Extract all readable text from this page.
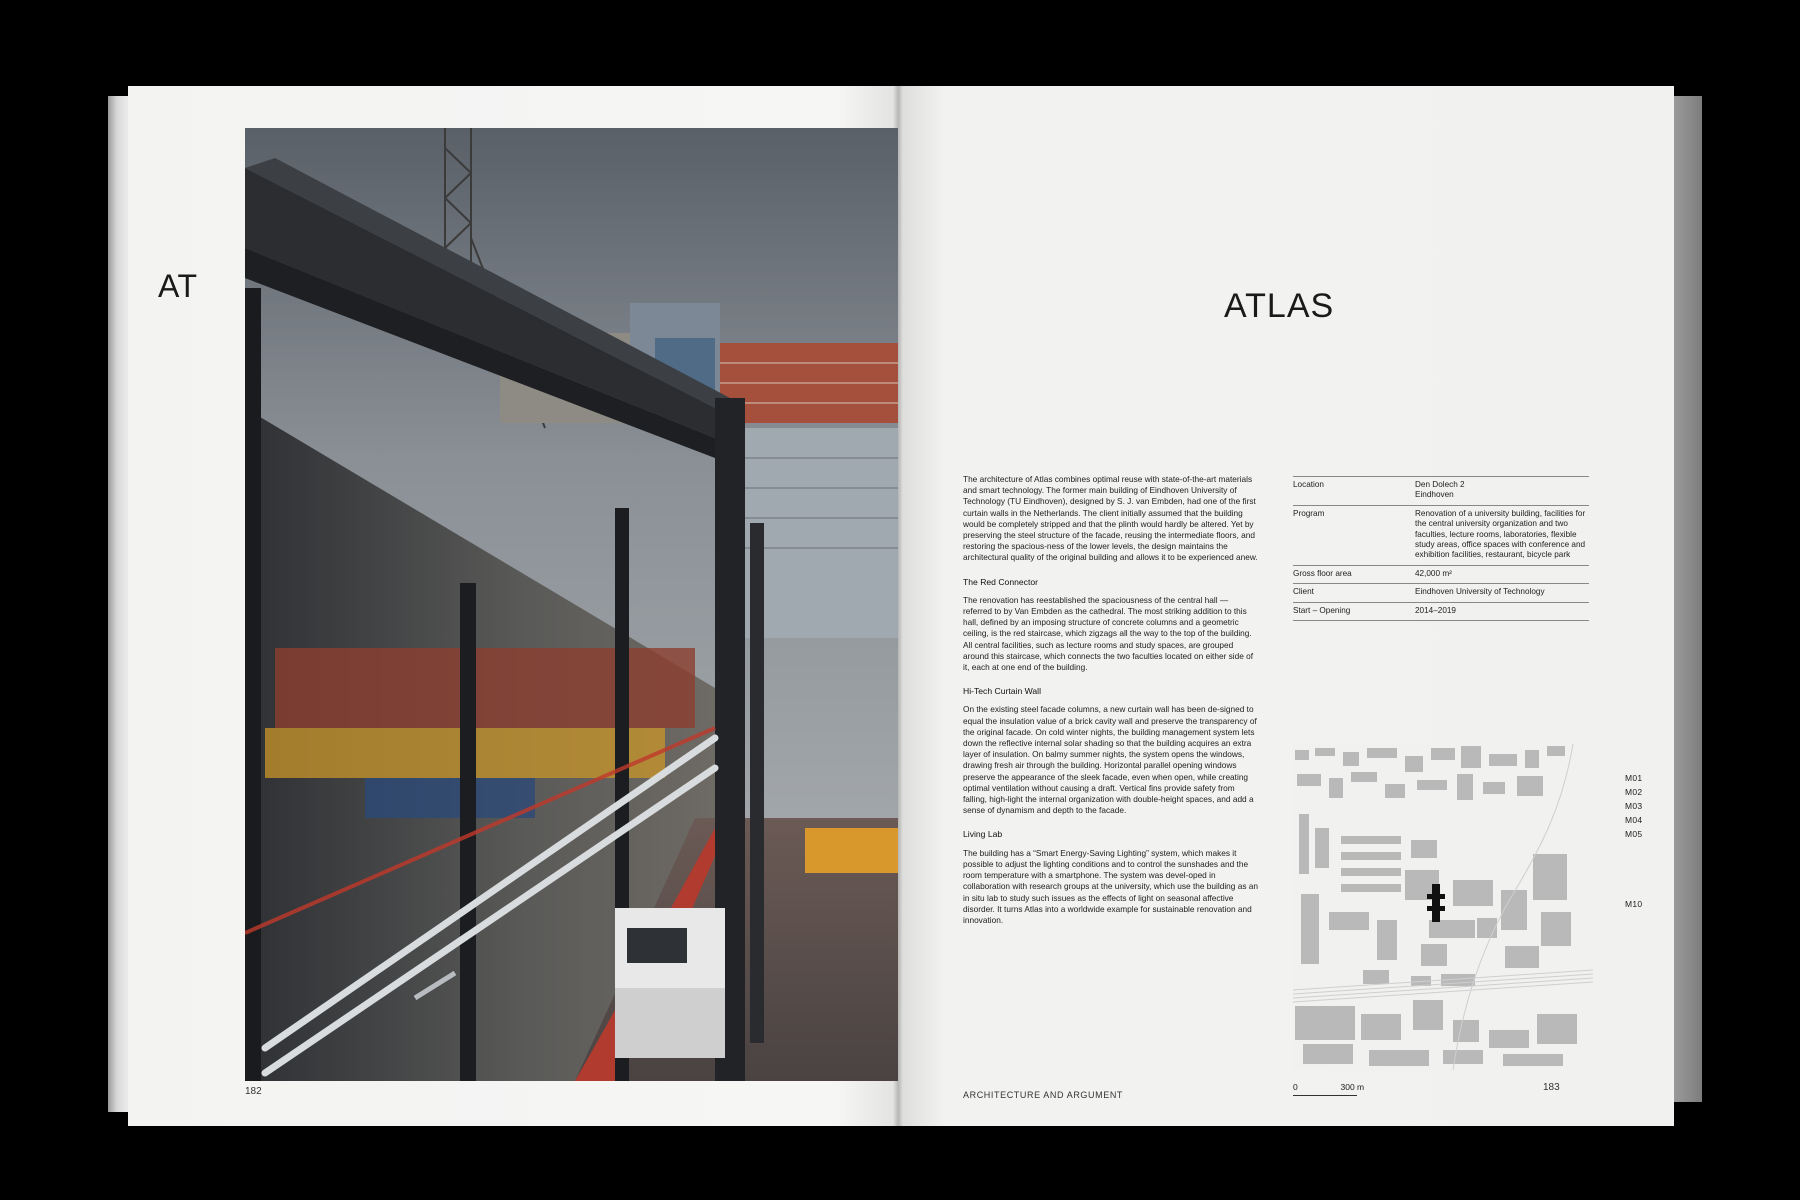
AT
182
ATLAS

The architecture of Atlas combines optimal reuse with state-of-the-art materials and smart technology. The former main building of Eindhoven University of Technology (TU Eindhoven), designed by S. J. van Embden, had one of the first curtain walls in the Netherlands. The client initially assumed that the building would be completely stripped and that the plinth would hardly be altered. Yet by preserving the steel structure of the facade, reusing the intermediate floors, and restoring the spacious-ness of the lower levels, the design maintains the architectural quality of the original building and allows it to be experienced anew.

The Red Connector

The renovation has reestablished the spaciousness of the central hall — referred to by Van Embden as the cathedral. The most striking addition to this hall, defined by an imposing structure of concrete columns and a geometric ceiling, is the red staircase, which zigzags all the way to the top of the building. All central facilities, such as lecture rooms and study spaces, are grouped around this staircase, which connects the two faculties located on either side of it, each at one end of the building.

Hi-Tech Curtain Wall

On the existing steel facade columns, a new curtain wall has been de-signed to equal the insulation value of a brick cavity wall and preserve the transparency of the original facade. On cold winter nights, the building management system lets down the reflective internal solar shading so that the building acquires an extra layer of insulation. On balmy summer nights, the system opens the windows, drawing fresh air through the building. Horizontal parallel opening windows preserve the appearance of the sleek facade, even when open, while creating optimal ventilation without causing a draft. Vertical fins provide safety from falling, high-light the internal organization with double-height spaces, and add a sense of dynamism and depth to the facade.

Living Lab

The building has a “Smart Energy-Saving Lighting” system, which makes it possible to adjust the lighting conditions and to control the sunshades and the room temperature with a smartphone. The system was devel-oped in collaboration with research groups at the university, which use the building as an in situ lab to study such issues as the effects of light on seasonal affective disorder. It turns Atlas into a worldwide example for sustainable renovation and innovation.

Location	Den Dolech 2
Eindhoven
Program	Renovation of a university building, facilities for the central university organization and two faculties, lecture rooms, laboratories, flexible study areas, office spaces with conference and exhibition facilities, restaurant, bicycle park
Gross floor area	42,000 m²
Client	Eindhoven University of Technology
Start – Opening	2014–2019
M01
M02
M03
M04
M05
M10
0	300 m
ARCHITECTURE AND ARGUMENT
183
